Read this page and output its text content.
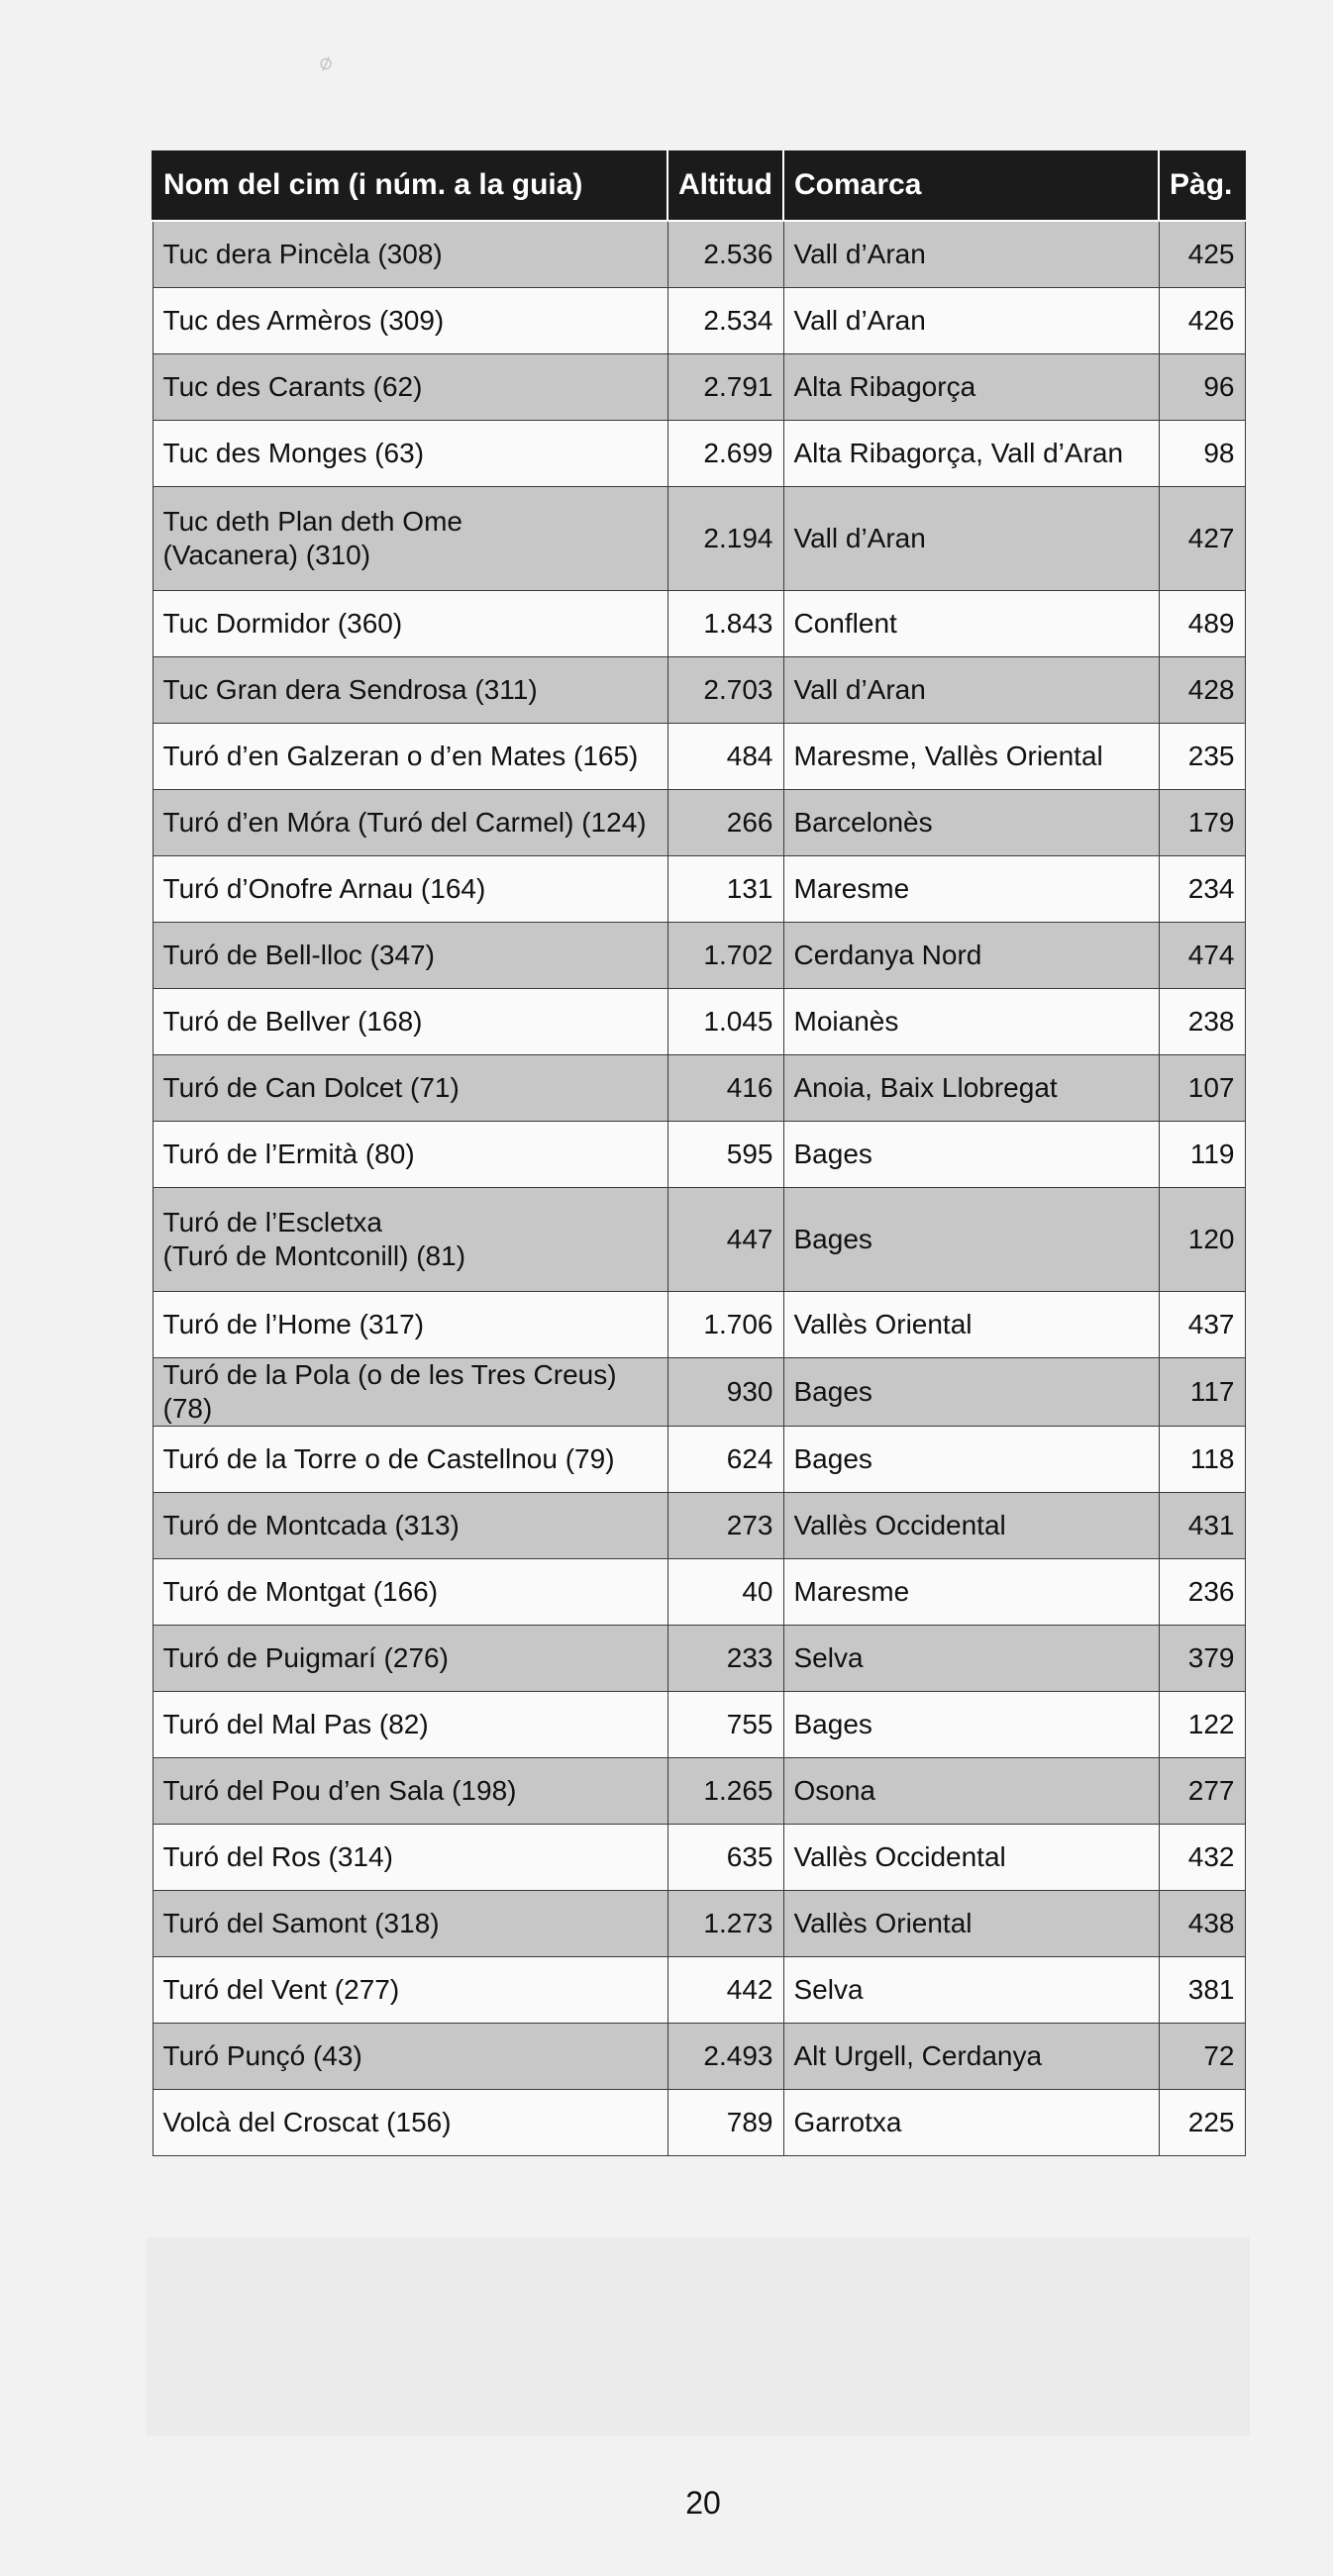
⌀
Nom del cim (i núm. a la guia)	Altitud	Comarca	Pàg.
Tuc dera Pincèla (308)	2.536	Vall d’Aran	425
Tuc des Armèros (309)	2.534	Vall d’Aran	426
Tuc des Carants (62)	2.791	Alta Ribagorça	96
Tuc des Monges (63)	2.699	Alta Ribagorça, Vall d’Aran	98
Tuc deth Plan deth Ome
(Vacanera) (310)	2.194	Vall d’Aran	427
Tuc Dormidor (360)	1.843	Conflent	489
Tuc Gran dera Sendrosa (311)	2.703	Vall d’Aran	428
Turó d’en Galzeran o d’en Mates (165)	484	Maresme, Vallès Oriental	235
Turó d’en Móra (Turó del Carmel) (124)	266	Barcelonès	179
Turó d’Onofre Arnau (164)	131	Maresme	234
Turó de Bell-lloc (347)	1.702	Cerdanya Nord	474
Turó de Bellver (168)	1.045	Moianès	238
Turó de Can Dolcet (71)	416	Anoia, Baix Llobregat	107
Turó de l’Ermità (80)	595	Bages	119
Turó de l’Escletxa
(Turó de Montconill) (81)	447	Bages	120
Turó de l’Home (317)	1.706	Vallès Oriental	437
Turó de la Pola (o de les Tres Creus) (78)	930	Bages	117
Turó de la Torre o de Castellnou (79)	624	Bages	118
Turó de Montcada (313)	273	Vallès Occidental	431
Turó de Montgat (166)	40	Maresme	236
Turó de Puigmarí (276)	233	Selva	379
Turó del Mal Pas (82)	755	Bages	122
Turó del Pou d’en Sala (198)	1.265	Osona	277
Turó del Ros (314)	635	Vallès Occidental	432
Turó del Samont (318)	1.273	Vallès Oriental	438
Turó del Vent (277)	442	Selva	381
Turó Punçó (43)	2.493	Alt Urgell, Cerdanya	72
Volcà del Croscat (156)	789	Garrotxa	225
20
